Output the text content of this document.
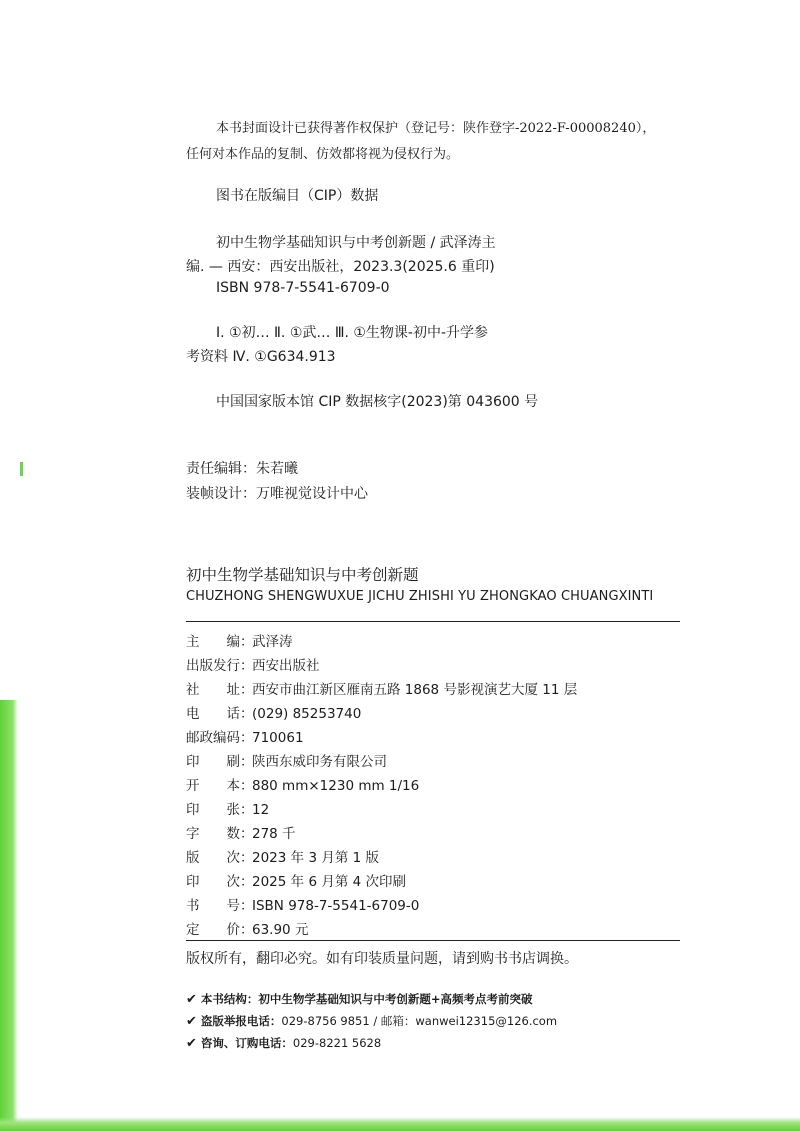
本书封面设计已获得著作权保护（登记号：陕作登字-2022-F-00008240），
任何对本作品的复制、仿效都将视为侵权行为。
图书在版编目（CIP）数据
初中生物学基础知识与中考创新题 / 武泽涛主
编. — 西安：西安出版社，2023.3(2025.6 重印)
ISBN 978-7-5541-6709-0
Ⅰ. ①初… Ⅱ. ①武… Ⅲ. ①生物课-初中-升学参
考资料 Ⅳ. ①G634.913
中国国家版本馆 CIP 数据核字(2023)第 043600 号
责任编辑：朱若曦
装帧设计：万唯视觉设计中心
初中生物学基础知识与中考创新题
CHUZHONG SHENGWUXUE JICHU ZHISHI YU ZHONGKAO CHUANGXINTI
主　　编：武泽涛
出版发行：西安出版社
社　　址：西安市曲江新区雁南五路 1868 号影视演艺大厦 11 层
电　　话：(029) 85253740
邮政编码：710061
印　　刷：陕西东威印务有限公司
开　　本：880 mm×1230 mm 1/16
印　　张：12
字　　数：278 千
版　　次：2023 年 3 月第 1 版
印　　次：2025 年 6 月第 4 次印刷
书　　号：ISBN 978-7-5541-6709-0
定　　价：63.90 元
版权所有，翻印必究。如有印装质量问题，请到购书书店调换。
✔ 本书结构：初中生物学基础知识与中考创新题+高频考点考前突破
✔ 盗版举报电话：029-8756 9851 / 邮箱：wanwei12315@126.com
✔ 咨询、订购电话：029-8221 5628
